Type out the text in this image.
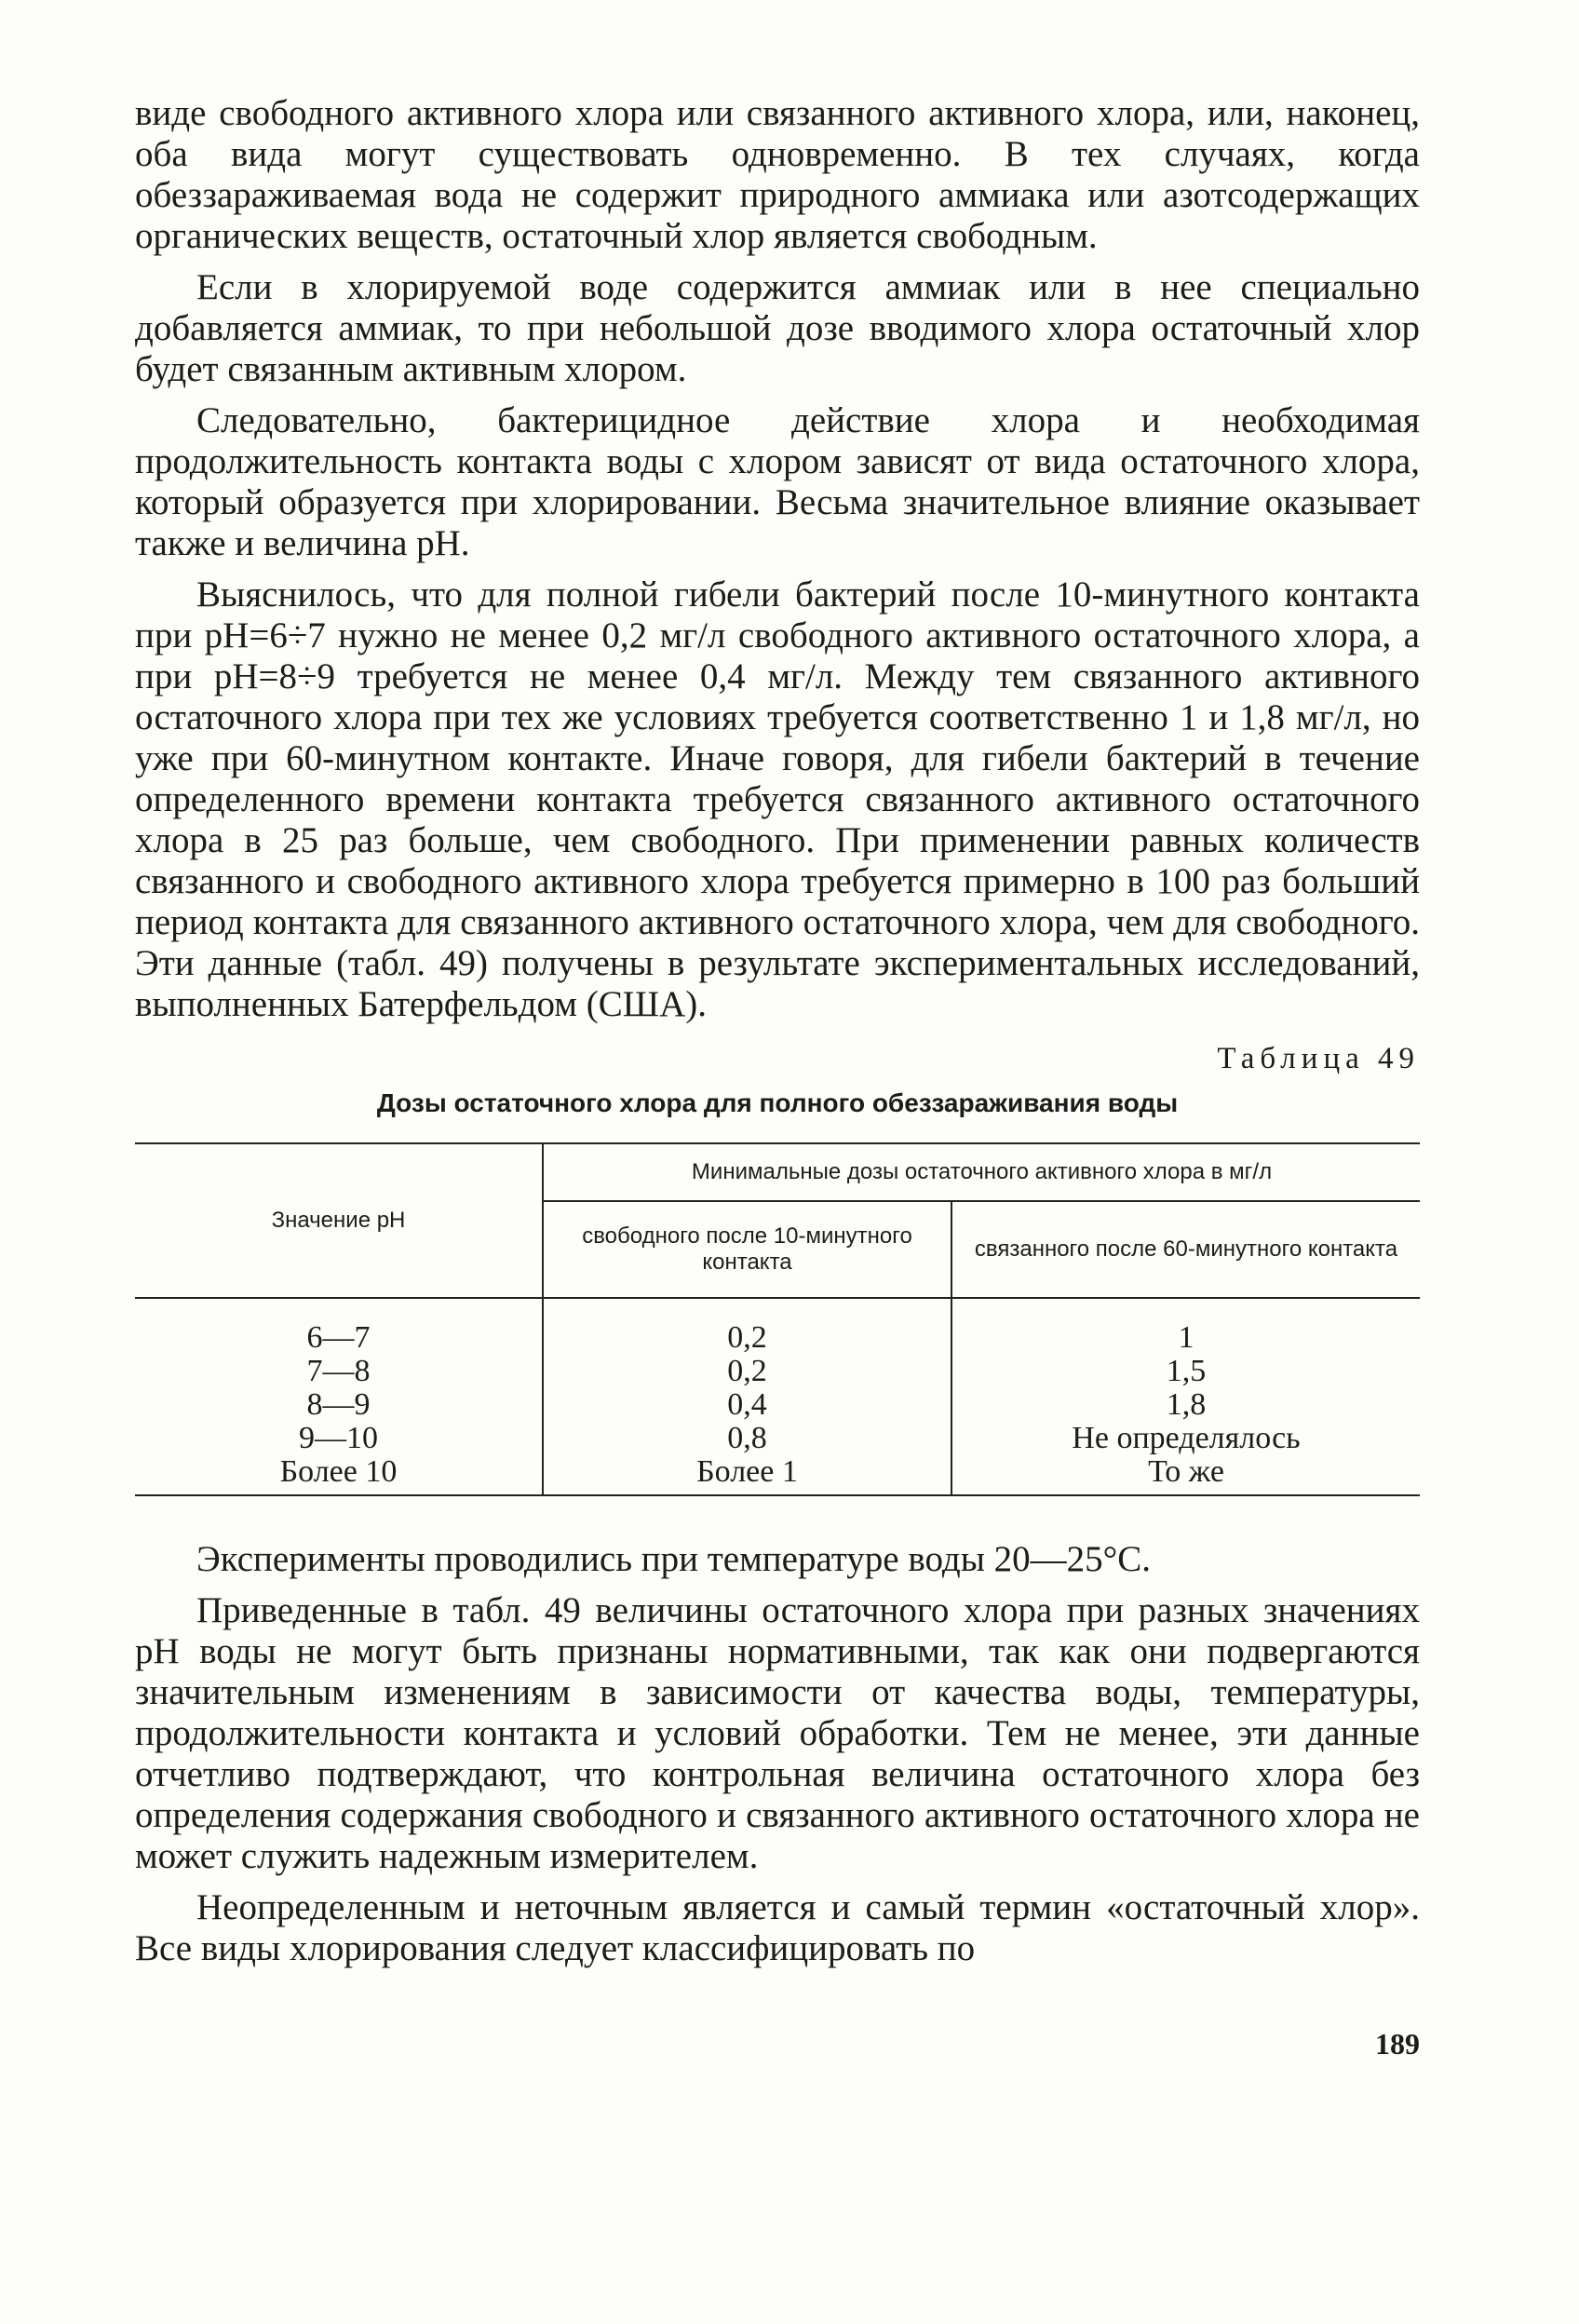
виде свободного активного хлора или связанного активного хлора, или, наконец, оба вида могут существовать одновременно. В тех случаях, когда обеззараживаемая вода не содержит природного аммиака или азотсодержащих органических веществ, остаточный хлор является свободным.

Если в хлорируемой воде содержится аммиак или в нее специально добавляется аммиак, то при небольшой дозе вводимого хлора остаточный хлор будет связанным активным хлором.

Следовательно, бактерицидное действие хлора и необходимая продолжительность контакта воды с хлором зависят от вида остаточного хлора, который образуется при хлорировании. Весьма значительное влияние оказывает также и величина pH.

Выяснилось, что для полной гибели бактерий после 10-минутного контакта при pH=6÷7 нужно не менее 0,2 мг/л свободного активного остаточного хлора, а при pH=8÷9 требуется не менее 0,4 мг/л. Между тем связанного активного остаточного хлора при тех же условиях требуется соответственно 1 и 1,8 мг/л, но уже при 60-минутном контакте. Иначе говоря, для гибели бактерий в течение определенного времени контакта требуется связанного активного остаточного хлора в 25 раз больше, чем свободного. При применении равных количеств связанного и свободного активного хлора требуется примерно в 100 раз больший период контакта для связанного активного остаточного хлора, чем для свободного. Эти данные (табл. 49) получены в результате экспериментальных исследований, выполненных Батерфельдом (США).

Таблица 49
Дозы остаточного хлора для полного обеззараживания воды
Значение pH	Минимальные дозы остаточного активного хлора в мг/л	
	свободного после 10-минутного контакта	связанного после 60-минутного контакта
6—7	0,2	1
7—8	0,2	1,5
8—9	0,4	1,8
9—10	0,8	Не определялось
Более 10	Более 1	То же

Эксперименты проводились при температуре воды 20—25°С.

Приведенные в табл. 49 величины остаточного хлора при разных значениях pH воды не могут быть признаны нормативными, так как они подвергаются значительным изменениям в зависимости от качества воды, температуры, продолжительности контакта и условий обработки. Тем не менее, эти данные отчетливо подтверждают, что контрольная величина остаточного хлора без определения содержания свободного и связанного активного остаточного хлора не может служить надежным измерителем.

Неопределенным и неточным является и самый термин «остаточный хлор». Все виды хлорирования следует классифицировать по

189
